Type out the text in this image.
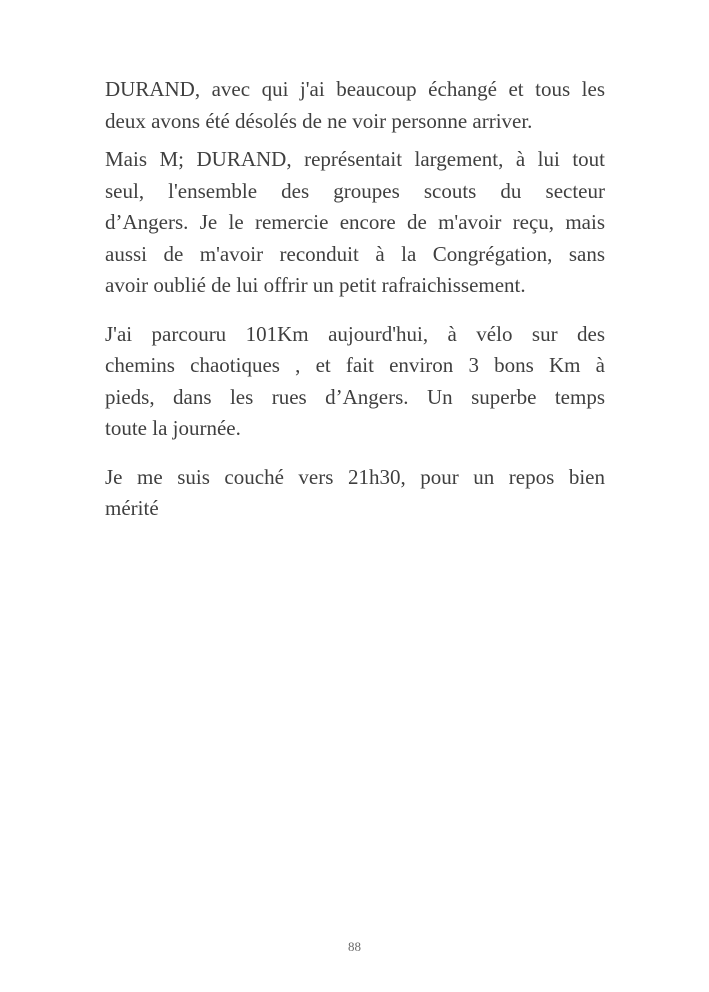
DURAND, avec qui j'ai beaucoup échangé et tous les
deux avons été désolés de ne voir personne arriver.

Mais M; DURAND, représentait largement, à lui tout
seul, l'ensemble des groupes scouts du secteur
d’Angers. Je le remercie encore de m'avoir reçu, mais
aussi de m'avoir reconduit à la Congrégation, sans
avoir oublié de lui offrir un petit rafraichissement.

J'ai parcouru 101Km aujourd'hui, à vélo sur des
chemins chaotiques , et fait environ 3 bons Km à
pieds, dans les rues d’Angers. Un superbe temps
toute la journée.

Je me suis couché vers 21h30, pour un repos bien
mérité

88
